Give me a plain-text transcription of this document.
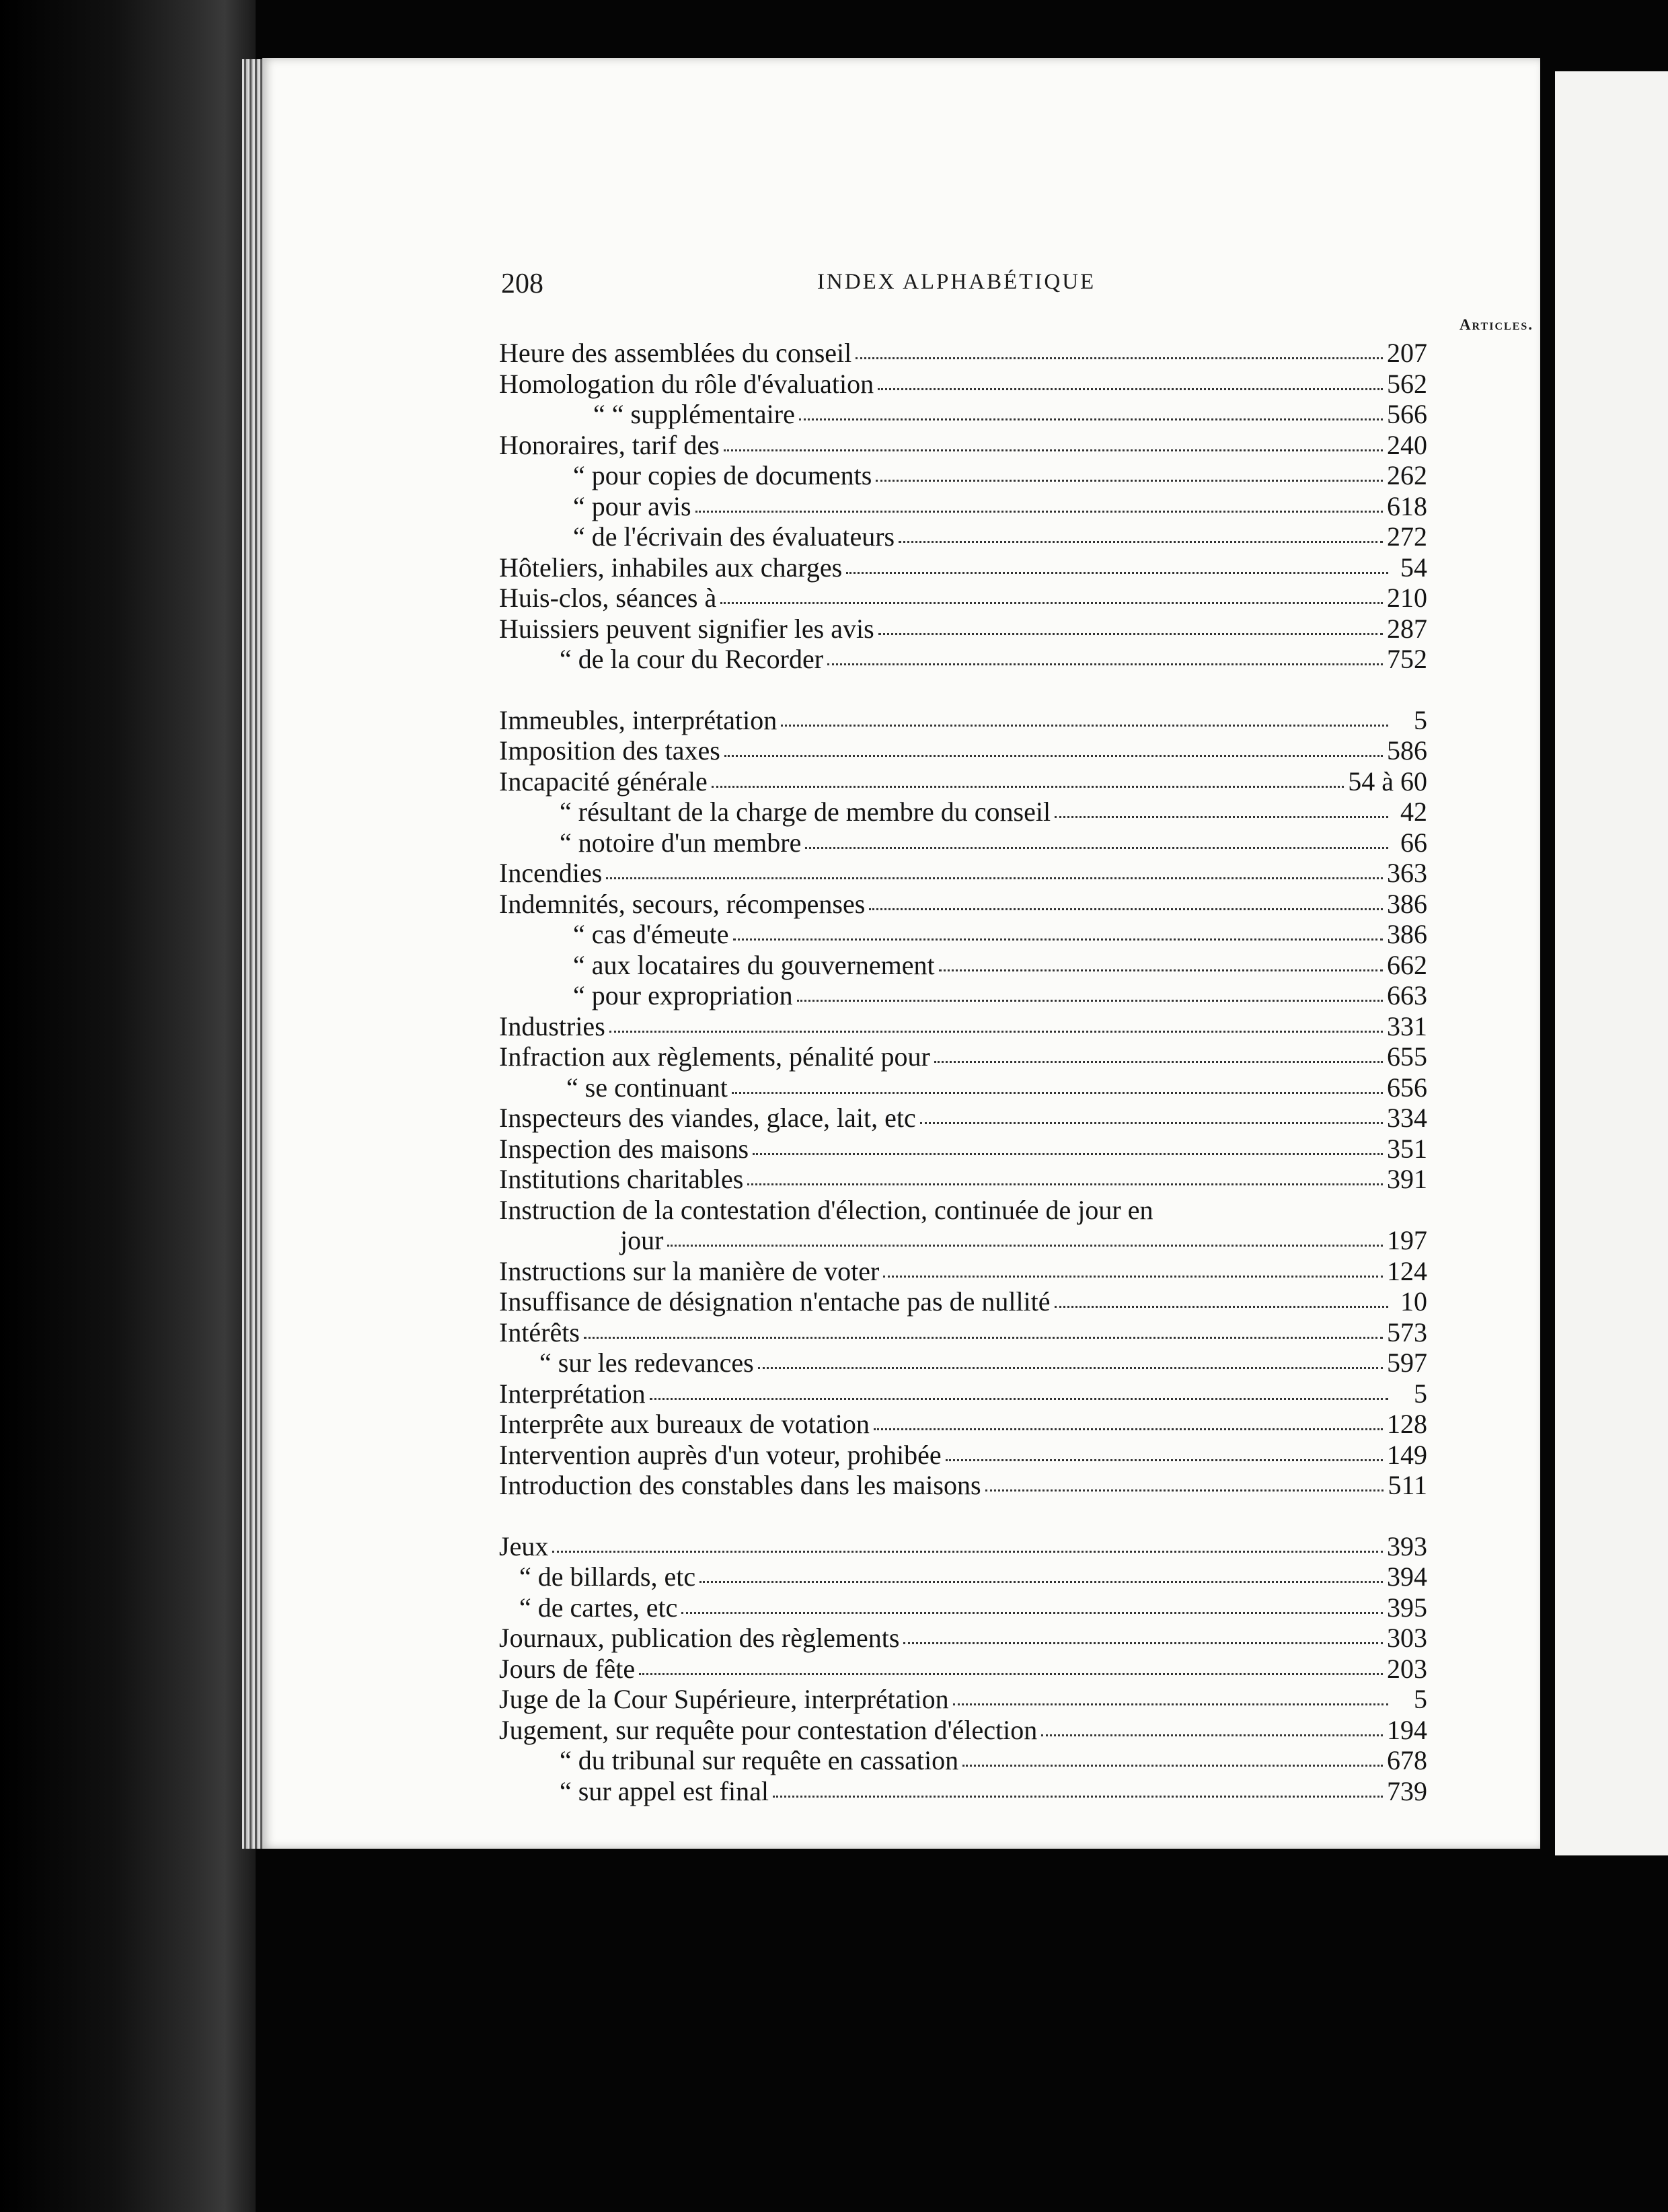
208	INDEX ALPHABÉTIQUE
Articles.
Heure des assemblées du conseil	207
Homologation du rôle d'évaluation	562
“ “ supplémentaire	566
Honoraires, tarif des	240
“ pour copies de documents	262
“ pour avis	618
“ de l'écrivain des évaluateurs	272
Hôteliers, inhabiles aux charges	54
Huis-clos, séances à	210
Huissiers peuvent signifier les avis	287
“ de la cour du Recorder	752
Immeubles, interprétation	5
Imposition des taxes	586
Incapacité générale	54 à 60
“ résultant de la charge de membre du conseil	42
“ notoire d'un membre	66
Incendies	363
Indemnités, secours, récompenses	386
“ cas d'émeute	386
“ aux locataires du gouvernement	662
“ pour expropriation	663
Industries	331
Infraction aux règlements, pénalité pour	655
“ se continuant	656
Inspecteurs des viandes, glace, lait, etc	334
Inspection des maisons	351
Institutions charitables	391
Instruction de la contestation d'élection, continuée de jour en
jour	197
Instructions sur la manière de voter	124
Insuffisance de désignation n'entache pas de nullité	10
Intérêts	573
“ sur les redevances	597
Interprétation	5
Interprête aux bureaux de votation	128
Intervention auprès d'un voteur, prohibée	149
Introduction des constables dans les maisons	511
Jeux	393
“ de billards, etc	394
“ de cartes, etc	395
Journaux, publication des règlements	303
Jours de fête	203
Juge de la Cour Supérieure, interprétation	5
Jugement, sur requête pour contestation d'élection	194
“ du tribunal sur requête en cassation	678
“ sur appel est final	739
